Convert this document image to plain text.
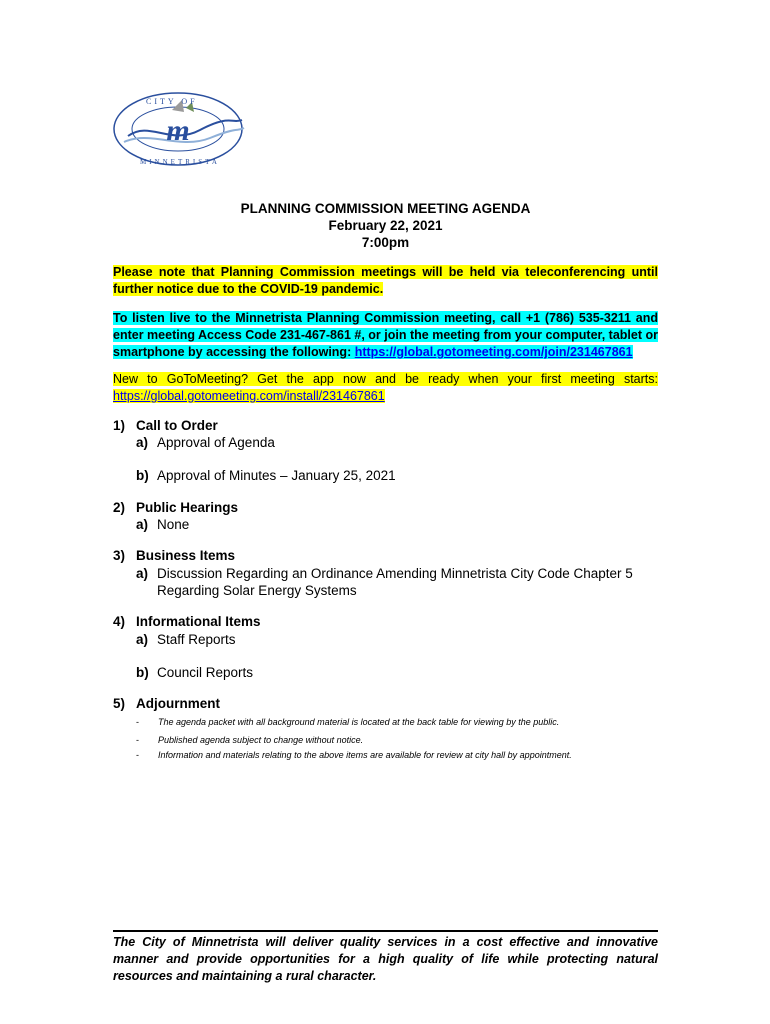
m
CITY OF
MINNETRISTA
PLANNING COMMISSION MEETING AGENDA
February 22, 2021
7:00pm
Please note that Planning Commission meetings will be held via teleconferencing until further notice due to the COVID-19 pandemic.
To listen live to the Minnetrista Planning Commission meeting, call +1 (786) 535-3211 and enter meeting Access Code 231-467-861 #, or join the meeting from your computer, tablet or smartphone by accessing the following: https://global.gotomeeting.com/join/231467861
New to GoToMeeting? Get the app now and be ready when your first meeting starts: https://global.gotomeeting.com/install/231467861
1) Call to Order
a) Approval of Agenda
b) Approval of Minutes – January 25, 2021
2) Public Hearings
a) None
3) Business Items
a) Discussion Regarding an Ordinance Amending Minnetrista City Code Chapter 5
Regarding Solar Energy Systems
4) Informational Items
a) Staff Reports
b) Council Reports
5) Adjournment
- The agenda packet with all background material is located at the back table for viewing by the public.
- Published agenda subject to change without notice.
- Information and materials relating to the above items are available for review at city hall by appointment.
The City of Minnetrista will deliver quality services in a cost effective and innovative manner and provide opportunities for a high quality of life while protecting natural resources and maintaining a rural character.
